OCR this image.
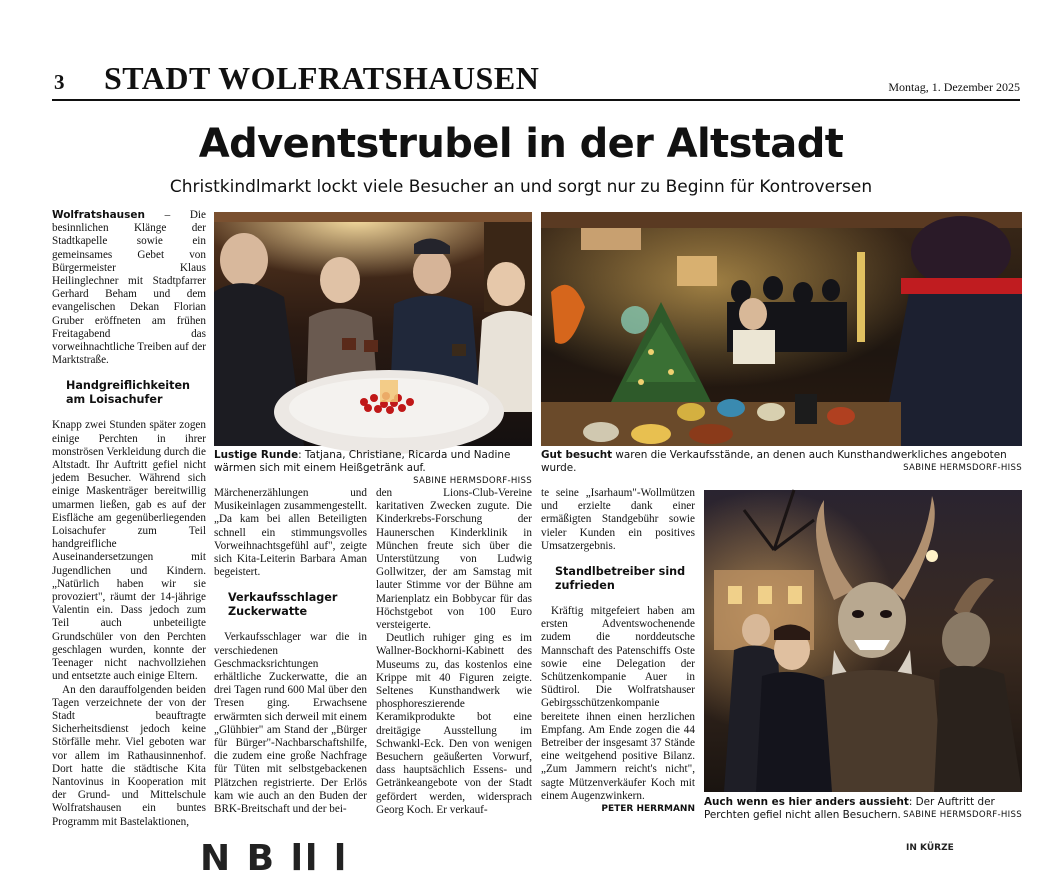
3 STADT WOLFRATSHAUSEN	Montag, 1. Dezember 2025
Adventstrubel in der Altstadt
Christkindlmarkt lockt viele Besucher an und sorgt nur zu Beginn für Kontroversen

Wolfratshausen – Die besinnlichen Klänge der Stadtkapelle sowie ein gemeinsames Gebet von Bürgermeister Klaus Heilinglechner mit Stadtpfarrer Gerhard Beham und dem evangelischen Dekan Florian Gruber eröffneten am frühen Freitagabend das vorweihnachtliche Treiben auf der Marktstraße.

Handgreiflichkeiten am Loisachufer

Knapp zwei Stunden später zogen einige Perchten in ihrer monströsen Verkleidung durch die Altstadt. Ihr Auftritt gefiel nicht jedem Besucher. Während sich einige Maskenträger bereitwillig umarmen ließen, gab es auf der Eisfläche am gegenüberliegenden Loisachufer zum Teil handgreifliche Auseinandersetzungen mit Jugendlichen und Kindern. „Natürlich haben wir sie provoziert", räumt der 14-jährige Valentin ein. Dass jedoch zum Teil auch unbeteiligte Grundschüler von den Perchten geschlagen wurden, konnte der Teenager nicht nachvollziehen und entsetzte auch einige Eltern.

An den darauffolgenden beiden Tagen verzeichnete der von der Stadt beauftragte Sicherheitsdienst jedoch keine Störfälle mehr. Viel geboten war vor allem im Rathausinnenhof. Dort hatte die städtische Kita Nantovinus in Kooperation mit der Grund- und Mittelschule Wolfratshausen ein buntes Programm mit Bastelaktionen,

Lustige Runde: Tatjana, Christiane, Ricarda und Nadine wärmen sich mit einem Heißgetränk auf.
SABINE HERMSDORF-HISS
Gut besucht waren die Verkaufsstände, an denen auch Kunsthandwerkliches angeboten wurde.	SABINE HERMSDORF-HISS

Märchenerzählungen und Musikeinlagen zusammengestellt. „Da kam bei allen Beteiligten schnell ein stimmungsvolles Vorweihnachtsgefühl auf", zeigte sich Kita-Leiterin Barbara Aman begeistert.

Verkaufsschlager Zuckerwatte

Verkaufsschlager war die in verschiedenen Geschmacksrichtungen erhältliche Zuckerwatte, die an drei Tagen rund 600 Mal über den Tresen ging. Erwachsene erwärmten sich derweil mit einem „Glühbier" am Stand der „Bürger für Bürger"-Nachbarschaftshilfe, die zudem eine große Nachfrage für Tüten mit selbstgebackenen Plätzchen registrierte. Der Erlös kam wie auch an den Buden der BRK-Breitschaft und der bei-

den Lions-Club-Vereine karitativen Zwecken zugute. Die Kinderkrebs-Forschung der Haunerschen Kinderklinik in München freute sich über die Unterstützung von Ludwig Gollwitzer, der am Samstag mit lauter Stimme vor der Bühne am Marienplatz ein Bobbycar für das Höchstgebot von 100 Euro versteigerte.

Deutlich ruhiger ging es im Wallner-Bockhorni-Kabinett des Museums zu, das kostenlos eine Krippe mit 40 Figuren zeigte. Seltenes Kunsthandwerk wie phosphoreszierende Keramikprodukte bot eine dreitägige Ausstellung im Schwankl-Eck. Den von wenigen Besuchern geäußerten Vorwurf, dass hauptsächlich Essens- und Getränkeangebote von der Stadt gefördert werden, widersprach Georg Koch. Er verkauf-

te seine „Isarhaum"-Wollmützen und erzielte dank einer ermäßigten Standgebühr sowie vieler Kunden ein positives Umsatzergebnis.

Standlbetreiber sind zufrieden

Kräftig mitgefeiert haben am ersten Adventswochenende zudem die norddeutsche Mannschaft des Patenschiffs Oste sowie eine Delegation der Schützenkompanie Auer in Südtirol. Die Wolfratshauser Gebirgsschützenkompanie bereitete ihnen einen herzlichen Empfang. Am Ende zogen die 44 Betreiber der insgesamt 37 Stände eine weitgehend positive Bilanz. „Zum Jammern reicht's nicht", sagte Mützenverkäufer Koch mit einem Augenzwinkern.
PETER HERRMANN

Auch wenn es hier anders aussieht: Der Auftritt der Perchten gefiel nicht allen Besuchern. SABINE HERMSDORF-HISS
N B ll l	IN KÜRZE
